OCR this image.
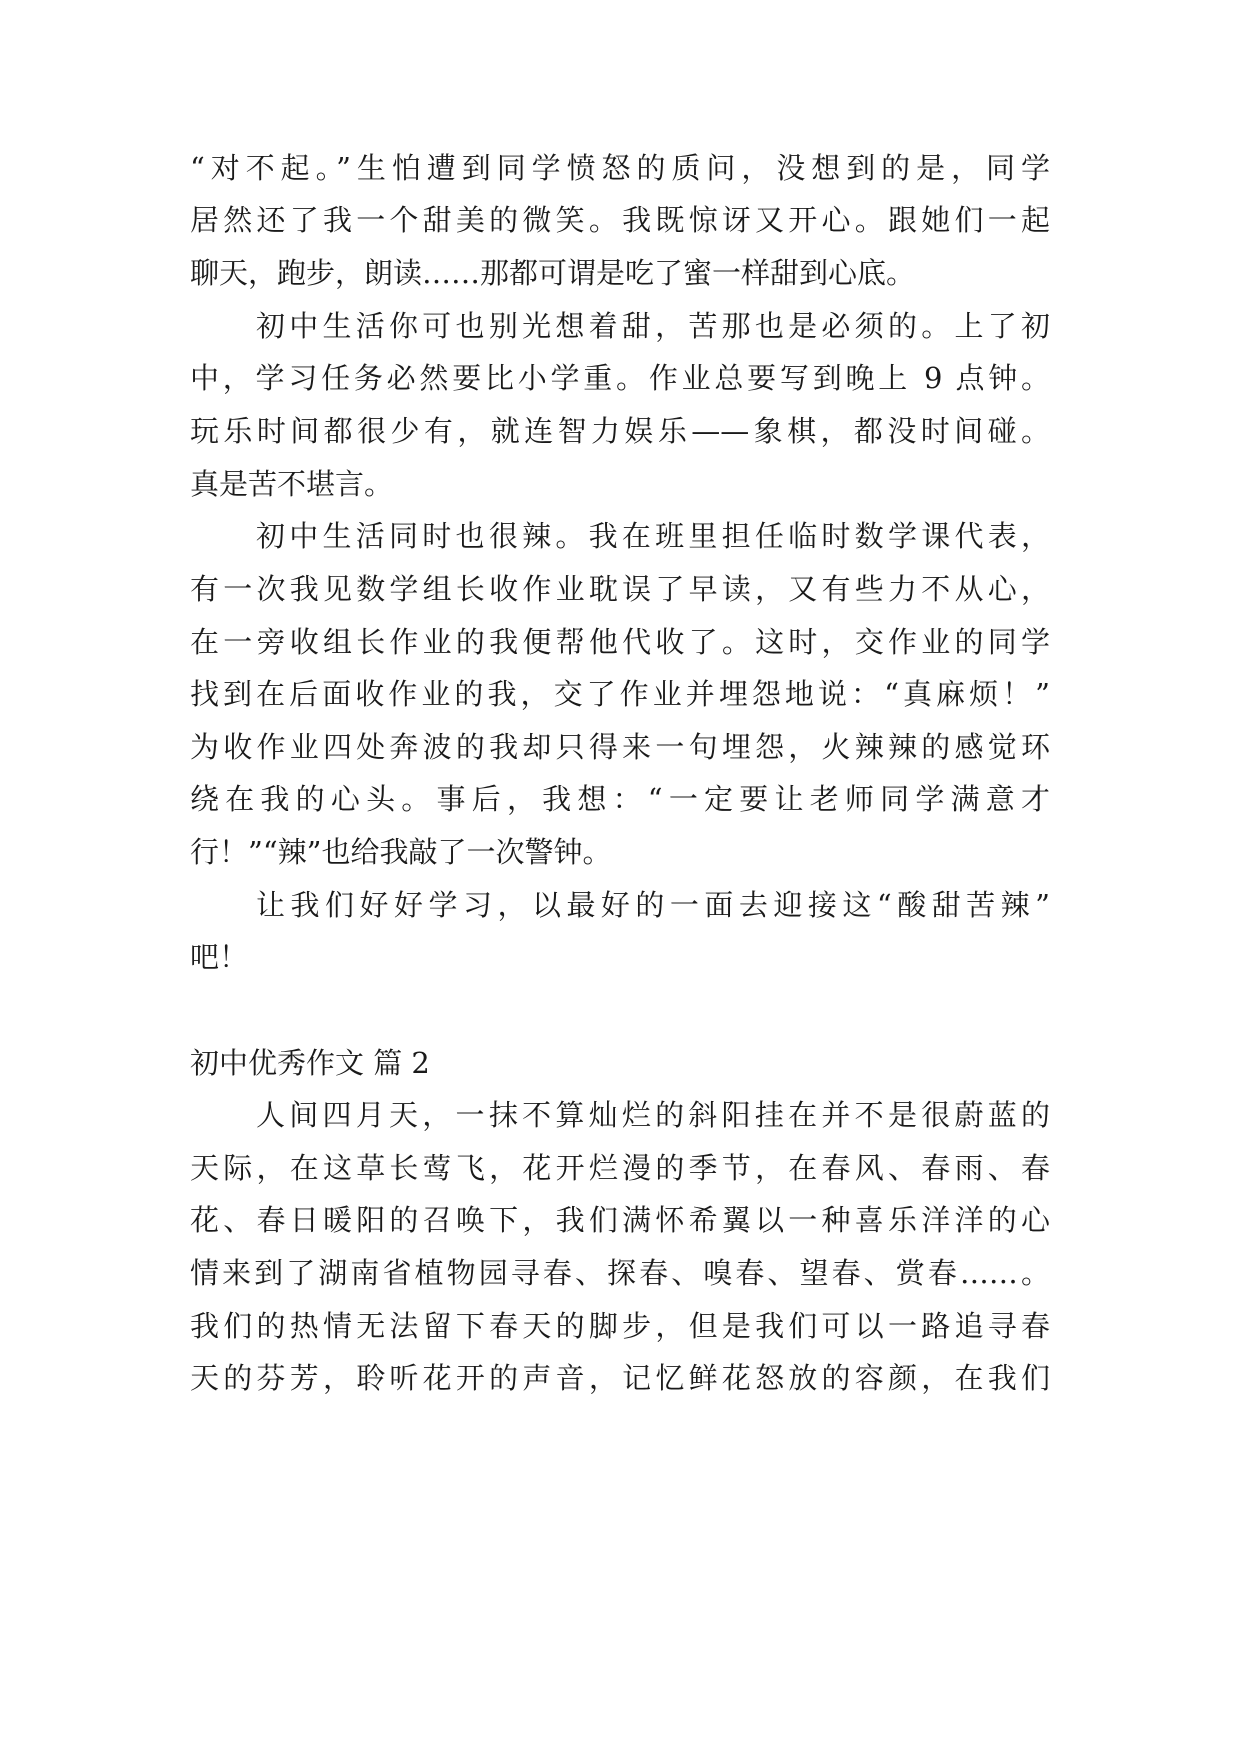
“对不起。”生怕遭到同学愤怒的质问，没想到的是，同学
居然还了我一个甜美的微笑。我既惊讶又开心。跟她们一起
聊天，跑步，朗读……那都可谓是吃了蜜一样甜到心底。
初中生活你可也别光想着甜，苦那也是必须的。上了初
中，学习任务必然要比小学重。作业总要写到晚上 9 点钟。
玩乐时间都很少有，就连智力娱乐——象棋，都没时间碰。
真是苦不堪言。
初中生活同时也很辣。我在班里担任临时数学课代表，
有一次我见数学组长收作业耽误了早读，又有些力不从心，
在一旁收组长作业的我便帮他代收了。这时，交作业的同学
找到在后面收作业的我，交了作业并埋怨地说：“真麻烦！”
为收作业四处奔波的我却只得来一句埋怨，火辣辣的感觉环
绕在我的心头。事后，我想：“一定要让老师同学满意才
行！”“辣”也给我敲了一次警钟。
让我们好好学习，以最好的一面去迎接这“酸甜苦辣”
吧！
初中优秀作文 篇 2
人间四月天，一抹不算灿烂的斜阳挂在并不是很蔚蓝的
天际，在这草长莺飞，花开烂漫的季节，在春风、春雨、春
花、春日暖阳的召唤下，我们满怀希翼以一种喜乐洋洋的心
情来到了湖南省植物园寻春、探春、嗅春、望春、赏春……。
我们的热情无法留下春天的脚步，但是我们可以一路追寻春
天的芬芳，聆听花开的声音，记忆鲜花怒放的容颜，在我们
